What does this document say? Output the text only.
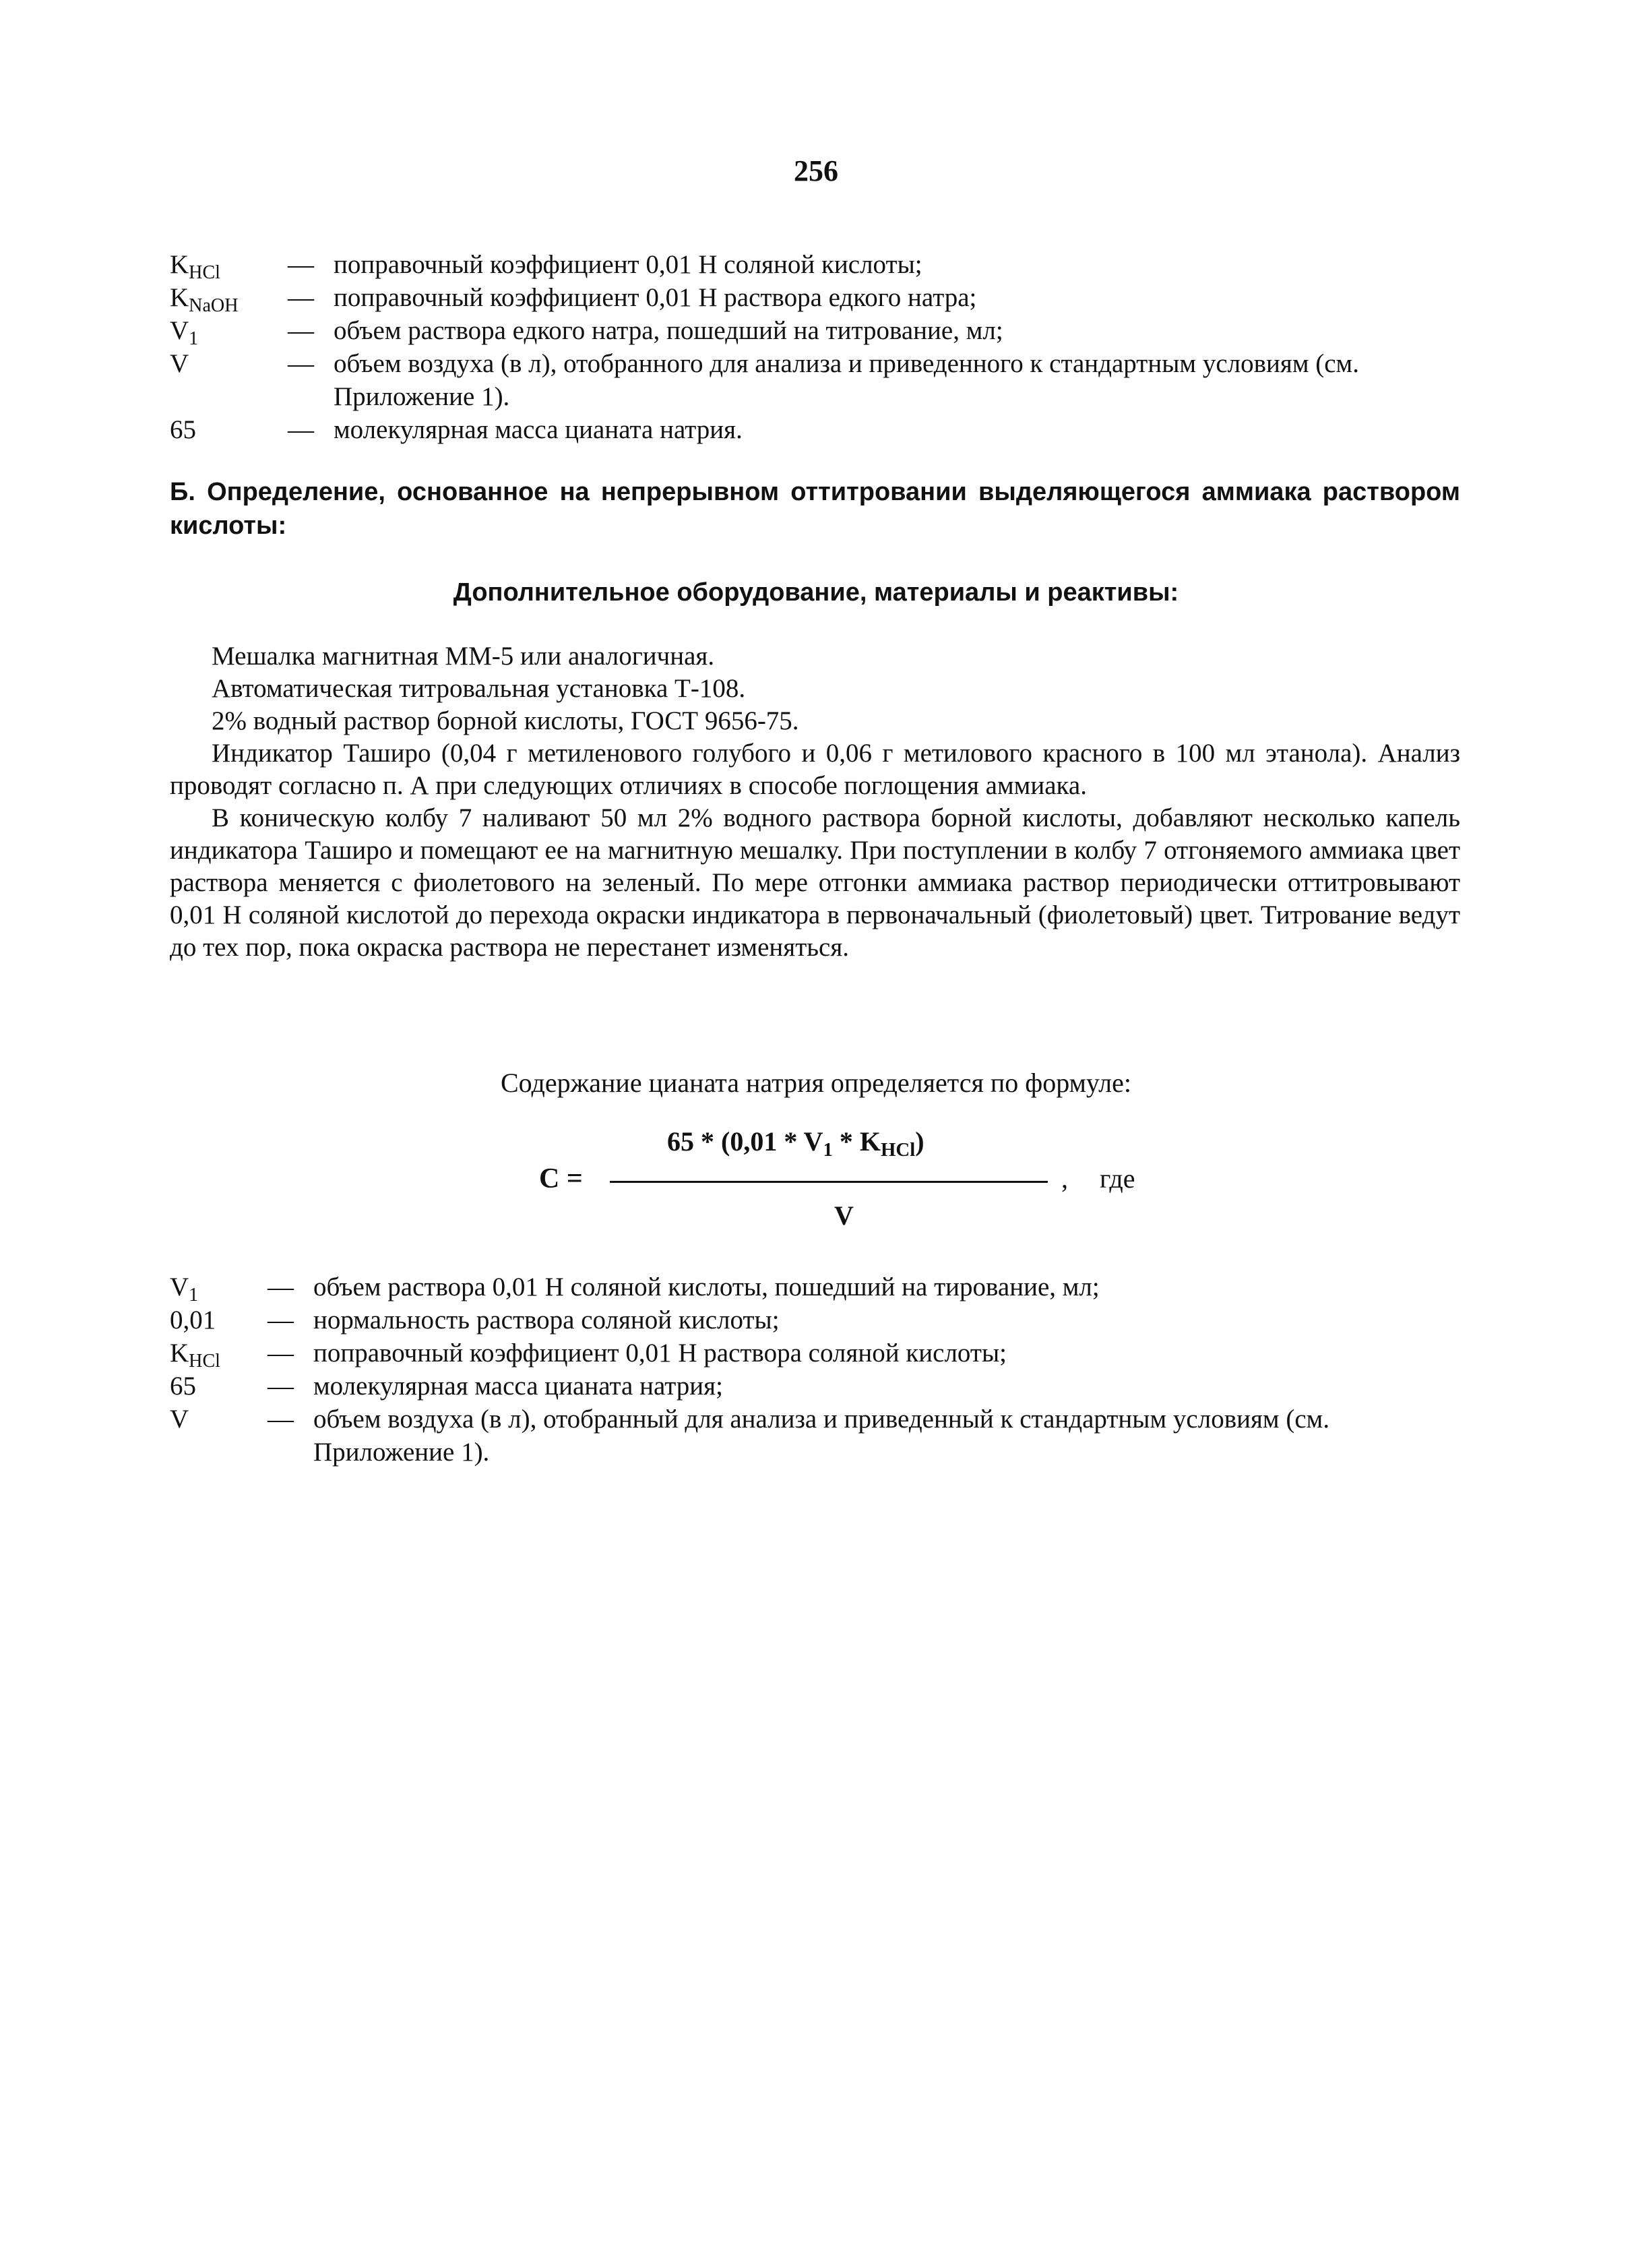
256
$K_{HCl}$	— поправочный коэффициент 0,01 Н соляной кислоты;
$K_{NaOH}$	— поправочный коэффициент 0,01 Н раствора едкого натра;
$V_1$	— объем раствора едкого натра, пошедший на титрование, мл;
V	— объем воздуха (в л), отобранного для анализа и приведенного к стандартным условиям (см. Приложение 1).
65	— молекулярная масса цианата натрия.
Б. Определение, основанное на непрерывном оттитровании выделяющегося аммиака раствором кислоты:
Дополнительное оборудование, материалы и реактивы:

Мешалка магнитная ММ-5 или аналогичная.

Автоматическая титровальная установка Т-108.

2% водный раствор борной кислоты, ГОСТ 9656-75.

Индикатор Таширо (0,04 г метиленового голубого и 0,06 г метилового красного в 100 мл этанола). Анализ проводят согласно п. А при следующих отличиях в способе поглощения аммиака.

В коническую колбу 7 наливают 50 мл 2% водного раствора борной кислоты, добавляют несколько капель индикатора Таширо и помещают ее на магнитную мешалку. При поступлении в колбу 7 отгоняемого аммиака цвет раствора меняется с фиолетового на зеленый. По мере отгонки аммиака раствор периодически оттитровывают 0,01 Н соляной кислотой до перехода окраски индикатора в первоначальный (фиолетовый) цвет. Титрование ведут до тех пор, пока окраска раствора не перестанет изменяться.

Содержание цианата натрия определяется по формуле:
C =
$65 * (0,01 * V_1 * K_{HCl})$
V
, где
$V_1$	— объем раствора 0,01 Н соляной кислоты, пошедший на тирование, мл;
0,01	— нормальность раствора соляной кислоты;
$K_{HCl}$	— поправочный коэффициент 0,01 Н раствора соляной кислоты;
65	— молекулярная масса цианата натрия;
V	— объем воздуха (в л), отобранный для анализа и приведенный к стандартным условиям (см. Приложение 1).
